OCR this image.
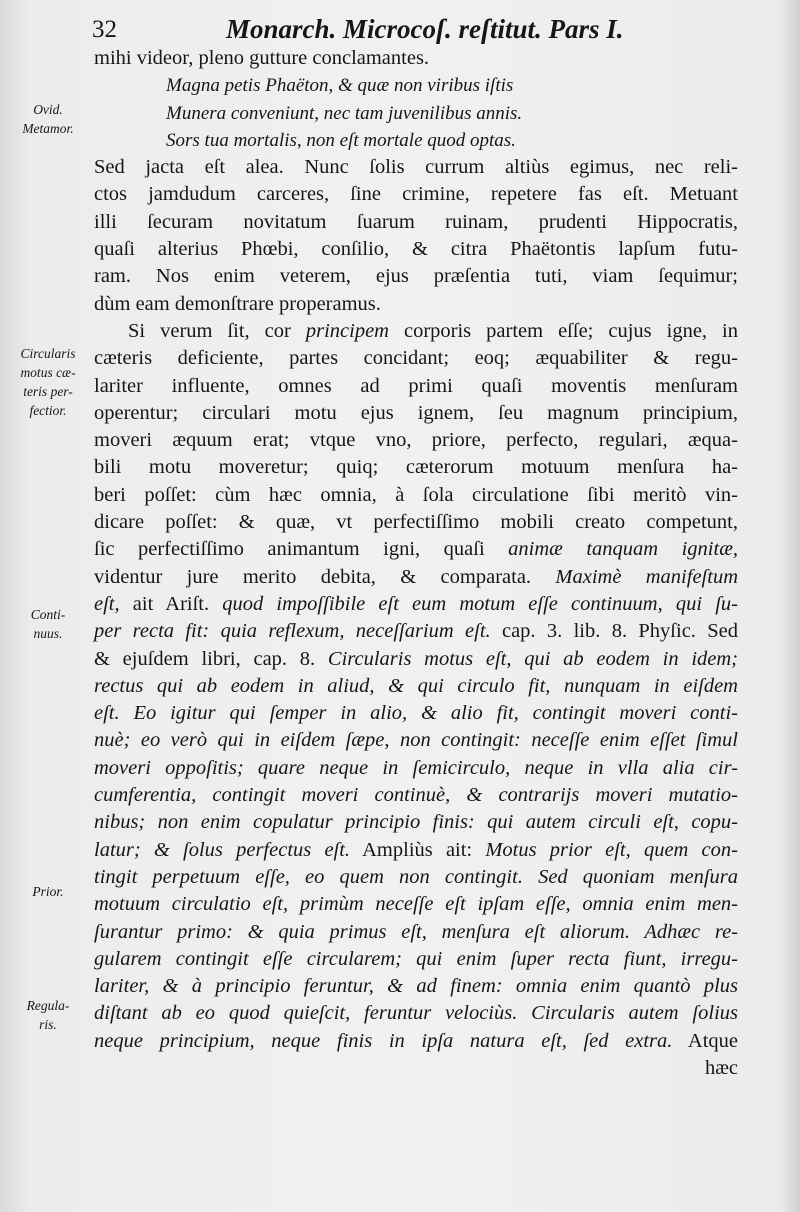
32	Monarch. Microcoſ. reſtitut. Pars I.
Ovid.
Metamor.
Circularis
motus cæ-
teris per-
fectior.
Conti-
nuus.
Prior.
Regula-
ris.
mihi videor, pleno gutture conclamantes.
Magna petis Phaëton, & quæ non viribus iſtis
Munera conveniunt, nec tam juvenilibus annis.
Sors tua mortalis, non eſt mortale quod optas.
Sed jacta eſt alea. Nunc ſolis currum altiùs egimus, nec reli-
ctos jamdudum carceres, ſine crimine, repetere fas eſt. Metuant
illi ſecuram novitatum ſuarum ruinam, prudenti Hippocratis,
quaſi alterius Phœbi, conſilio, & citra Phaëtontis lapſum futu-
ram. Nos enim veterem, ejus præſentia tuti, viam ſequimur;
dùm eam demonſtrare properamus.
Si verum ſit, cor principem corporis partem eſſe; cujus igne, in
cæteris deficiente, partes concidant; eoq; æquabiliter & regu-
lariter influente, omnes ad primi quaſi moventis menſuram
operentur; circulari motu ejus ignem, ſeu magnum principium,
moveri æquum erat; vtque vno, priore, perfecto, regulari, æqua-
bili motu moveretur; quiq; cæterorum motuum menſura ha-
beri poſſet: cùm hæc omnia, à ſola circulatione ſibi meritò vin-
dicare poſſet: & quæ, vt perfectiſſimo mobili creato competunt,
ſic perfectiſſimo animantum igni, quaſi animæ tanquam ignitæ,
videntur jure merito debita, & comparata. Maximè manifeſtum
eſt, ait Ariſt. quod impoſſibile eſt eum motum eſſe continuum, qui ſu-
per recta fit: quia reflexum, neceſſarium eſt. cap. 3. lib. 8. Phyſic. Sed
& ejuſdem libri, cap. 8. Circularis motus eſt, qui ab eodem in idem;
rectus qui ab eodem in aliud, & qui circulo fit, nunquam in eiſdem
eſt. Eo igitur qui ſemper in alio, & alio fit, contingit moveri conti-
nuè; eo verò qui in eiſdem ſæpe, non contingit: neceſſe enim eſſet ſimul
moveri oppoſitis; quare neque in ſemicirculo, neque in vlla alia cir-
cumferentia, contingit moveri continuè, & contrarijs moveri mutatio-
nibus; non enim copulatur principio finis: qui autem circuli eſt, copu-
latur; & ſolus perfectus eſt. Ampliùs ait: Motus prior eſt, quem con-
tingit perpetuum eſſe, eo quem non contingit. Sed quoniam menſura
motuum circulatio eſt, primùm neceſſe eſt ipſam eſſe, omnia enim men-
ſurantur primo: & quia primus eſt, menſura eſt aliorum. Adhæc re-
gularem contingit eſſe circularem; qui enim ſuper recta fiunt, irregu-
lariter, & à principio feruntur, & ad finem: omnia enim quantò plus
diſtant ab eo quod quieſcit, feruntur velociùs. Circularis autem ſolius
neque principium, neque finis in ipſa natura eſt, ſed extra. Atque
hæc
